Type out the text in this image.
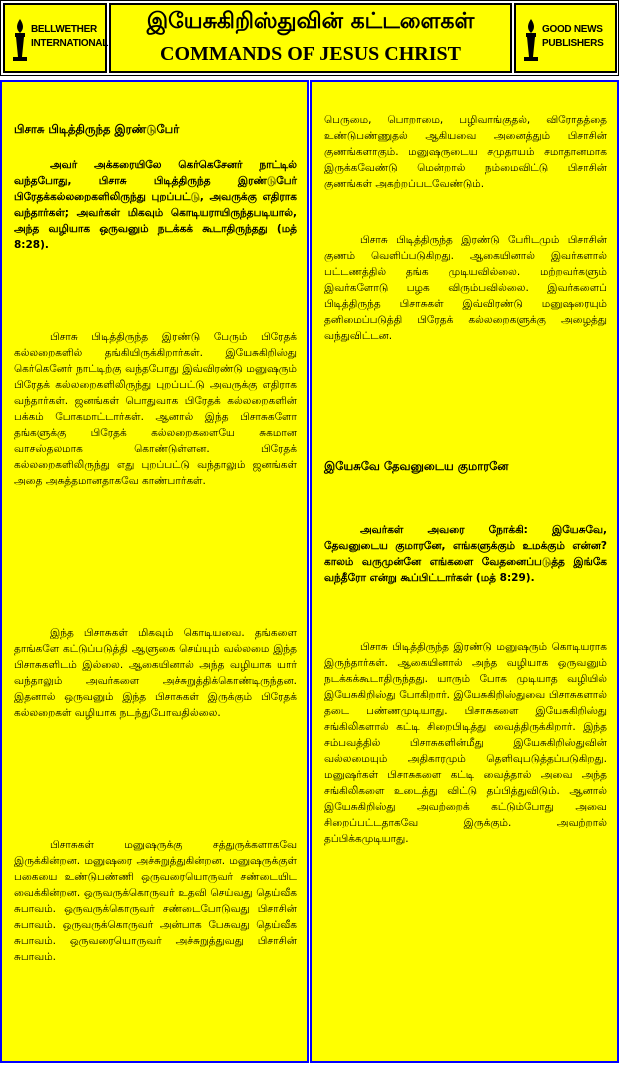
BELLWETHER INTERNATIONAL
இயேசுகிறிஸ்துவின் கட்டளைகள்
COMMANDS OF JESUS CHRIST
GOOD NEWS PUBLISHERS
பிசாசு பிடித்திருந்த இரண்டுபேர்
அவர் அக்கரையிலே கெர்கெசேனர் நாட்டில் வந்தபோது, பிசாசு பிடித்திருந்த இரண்டுபேர் பிரேதக்கல்லறைகளிலிருந்து புறப்பட்டு, அவருக்கு எதிராக வந்தார்கள்; அவர்கள் மிகவும் கொடியராயிருந்தபடியால், அந்த வழியாக ஒருவனும் நடக்கக் கூடாதிருந்தது (மத் 8:28).
பிசாசு பிடித்திருந்த இரண்டு பேரும் பிரேதக் கல்லறைகளில் தங்கியிருக்கிறார்கள். இயேசுகிறிஸ்து கெர்கெனேர் நாட்டிற்கு வந்தபோது இவ்விரண்டு மனுஷரும் பிரேதக் கல்லறைகளிலிருந்து புறப்பட்டு அவருக்கு எதிராக வந்தார்கள். ஜனங்கள் பொதுவாக பிரேதக் கல்லறைகளின் பக்கம் போகமாட்டார்கள். ஆனால் இந்த பிசாசுகளோ தங்களுக்கு பிரேதக் கல்லறைகளையே சுகமான வாசஸ்தலமாக கொண்டுள்ளன. பிரேதக் கல்லறைகளிலிருந்து எது புறப்பட்டு வந்தாலும் ஜனங்கள் அதை அசுத்தமானதாகவே காண்பார்கள்.
இந்த பிசாசுகள் மிகவும் கொடியவை. தங்களை தாங்களே கட்டுப்படுத்தி ஆளுகை செய்யும் வல்லமை இந்த பிசாசுகளிடம் இல்லை. ஆகையினால் அந்த வழியாக யார் வந்தாலும் அவர்களை அச்சுறுத்திக்கொண்டிருந்தன. இதனால் ஒருவனும் இந்த பிசாசுகள் இருக்கும் பிரேதக் கல்லறைகள் வழியாக நடந்துபோவதில்லை.
பிசாசுகள் மனுஷருக்கு சத்துருக்களாகவே இருக்கின்றன. மனுஷரை அச்சுறுத்துகின்றன. மனுஷருக்குள் பகையை உண்டுபண்ணி ஒருவரையொருவர் சண்டையிட வைக்கின்றன. ஒருவருக்கொருவர் உதவி செய்வது தெய்வீக சுபாவம். ஒருவருக்கொருவர் சண்டைபோடுவது பிசாசின் சுபாவம். ஒருவருக்கொருவர் அன்பாக பேசுவது தெய்வீக சுபாவம். ஒருவரையொருவர் அச்சுறுத்துவது பிசாசின் சுபாவம்.
பெருமை, பொறாமை, பழிவாங்குதல், விரோதத்தை உண்டுபண்ணுதல் ஆகியவை அனைத்தும் பிசாசின் குணங்களாகும். மனுஷருடைய சமுதாயம் சமாதானமாக இருக்கவேண்டு மென்றால் நம்மைவிட்டு பிசாசின் குணங்கள் அகற்றப்படவேண்டும்.
பிசாசு பிடித்திருந்த இரண்டு பேரிடமும் பிசாசின் குணம் வெளிப்படுகிறது. ஆகையினால் இவர்களால் பட்டணத்தில் தங்க முடியவில்லை. மற்றவர்களும் இவர்களோடு பழக விரும்பவில்லை. இவர்களைப் பிடித்திருந்த பிசாசுகள் இவ்விரண்டு மனுஷரையும் தனிமைப்படுத்தி பிரேதக் கல்லறைகளுக்கு அழைத்து வந்துவிட்டன.
இயேசுவே தேவனுடைய குமாரனே
அவர்கள் அவரை நோக்கி: இயேசுவே, தேவனுடைய குமாரனே, எங்களுக்கும் உமக்கும் என்ன? காலம் வருமுன்னே எங்களை வேதனைப்படுத்த இங்கே வந்தீரோ என்று கூப்பிட்டார்கள் (மத் 8:29).
பிசாசு பிடித்திருந்த இரண்டு மனுஷரும் கொடியராக இருந்தார்கள். ஆகையினால் அந்த வழியாக ஒருவனும் நடக்கக்கூடாதிருந்தது. யாரும் போக முடியாத வழியில் இயேசுகிறிஸ்து போகிறார். இயேசுகிறிஸ்துவை பிசாசுகளால் தடை பண்ணமுடியாது. பிசாசுகளை இயேசுகிறிஸ்து சங்கிலிகளால் கட்டி சிறைபிடித்து வைத்திருக்கிறார். இந்த சம்பவத்தில் பிசாசுகளின்மீது இயேசுகிறிஸ்துவின் வல்லமையும் அதிகாரமும் தெளிவுபடுத்தப்படுகிறது. மனுஷர்கள் பிசாசுகளை கட்டி வைத்தால் அவை அந்த சங்கிலிகளை உடைத்து விட்டு தப்பித்துவிடும். ஆனால் இயேசுகிறிஸ்து அவற்றைக் கட்டும்போது அவை சிறைப்பட்டதாகவே இருக்கும். அவற்றால் தப்பிக்கமுடியாது.
